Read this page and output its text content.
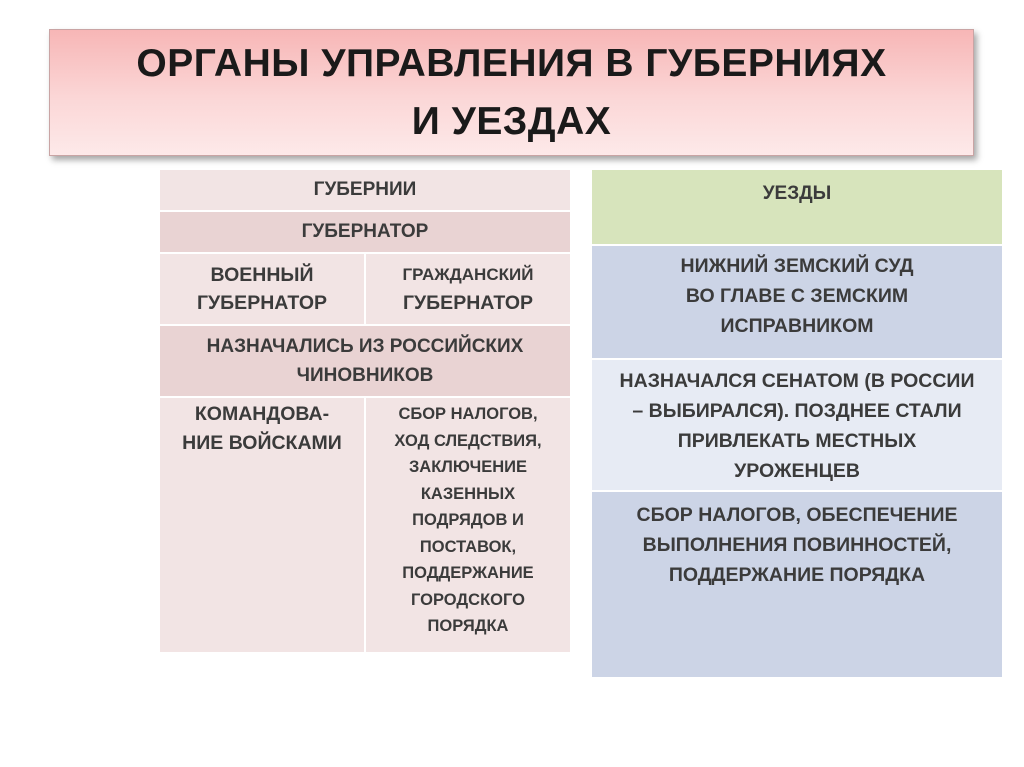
ОРГАНЫ УПРАВЛЕНИЯ В ГУБЕРНИЯХ
И УЕЗДАХ
ГУБЕРНИИ
ГУБЕРНАТОР
ВОЕННЫЙ
ГУБЕРНАТОР
ГРАЖДАНСКИЙ
ГУБЕРНАТОР
НАЗНАЧАЛИСЬ ИЗ РОССИЙСКИХ
ЧИНОВНИКОВ
КОМАНДОВА-
НИЕ ВОЙСКАМИ
СБОР НАЛОГОВ,
ХОД СЛЕДСТВИЯ,
ЗАКЛЮЧЕНИЕ
КАЗЕННЫХ
ПОДРЯДОВ И
ПОСТАВОК,
ПОДДЕРЖАНИЕ
ГОРОДСКОГО
ПОРЯДКА
УЕЗДЫ
НИЖНИЙ ЗЕМСКИЙ СУД
ВО ГЛАВЕ С ЗЕМСКИМ
ИСПРАВНИКОМ
НАЗНАЧАЛСЯ СЕНАТОМ (В РОССИИ
– ВЫБИРАЛСЯ). ПОЗДНЕЕ СТАЛИ
ПРИВЛЕКАТЬ МЕСТНЫХ
УРОЖЕНЦЕВ
СБОР НАЛОГОВ, ОБЕСПЕЧЕНИЕ
ВЫПОЛНЕНИЯ ПОВИННОСТЕЙ,
ПОДДЕРЖАНИЕ ПОРЯДКА
